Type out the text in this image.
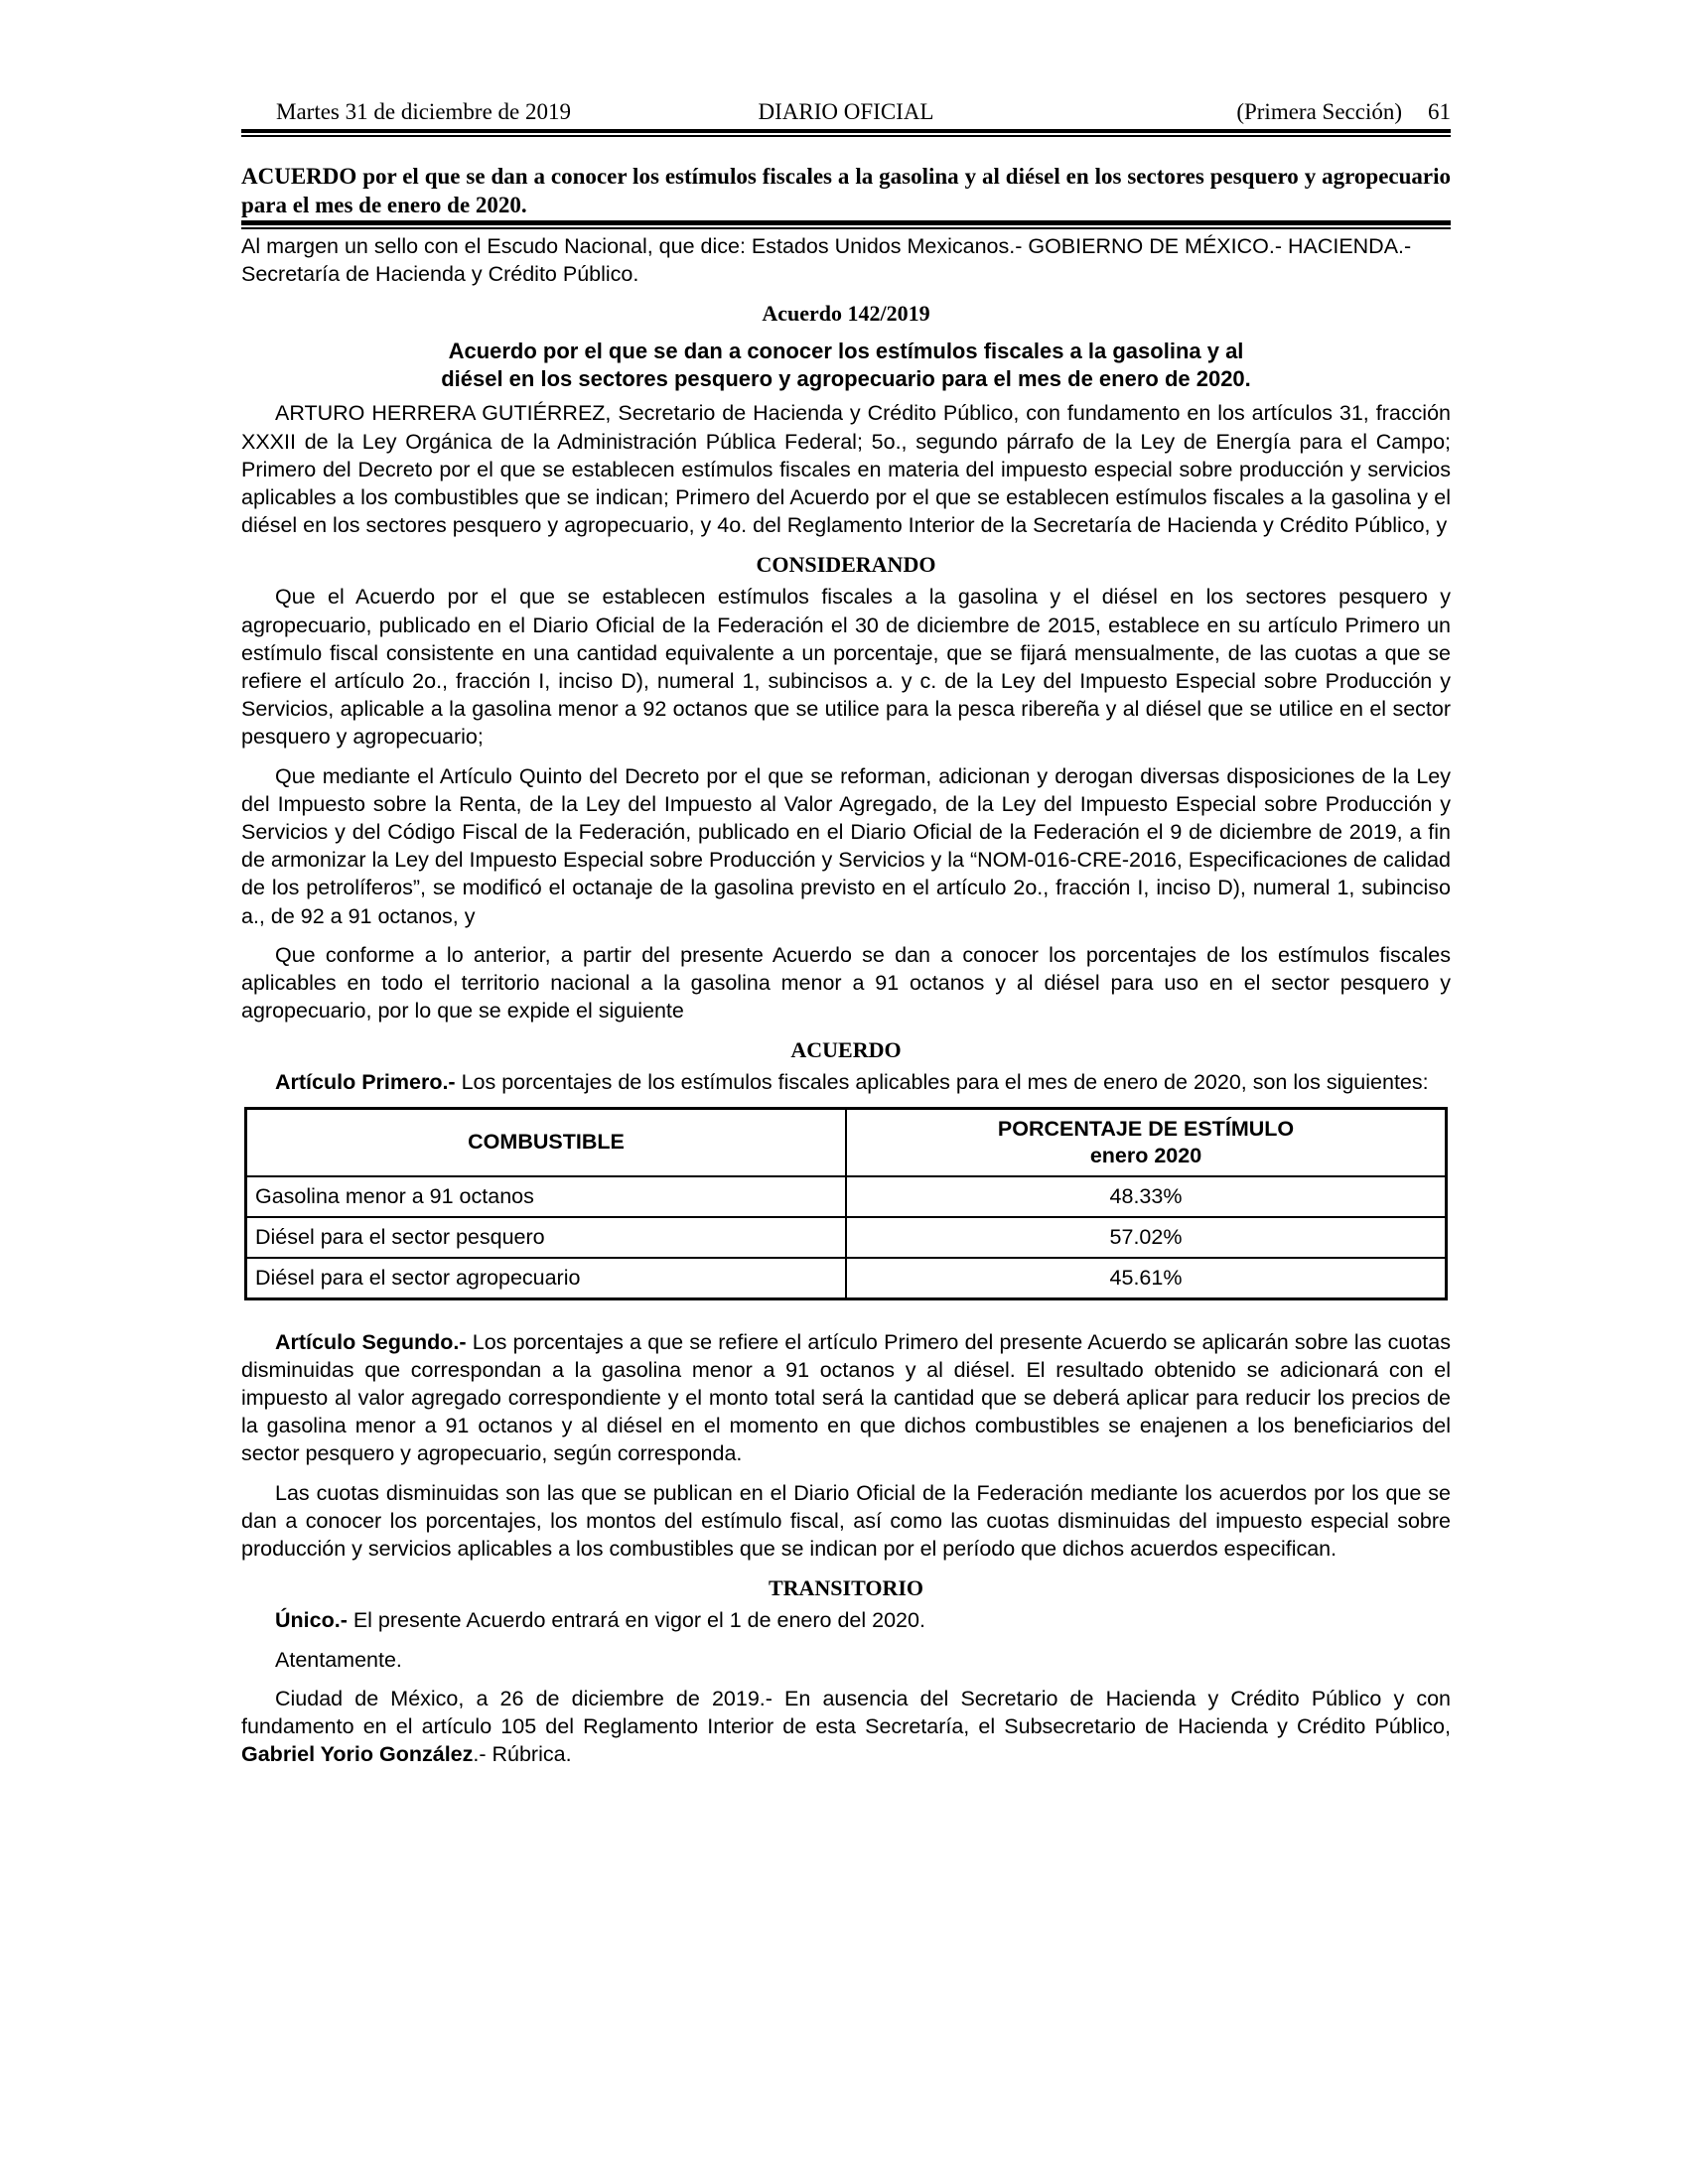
Martes 31 de diciembre de 2019	DIARIO OFICIAL	(Primera Sección) 61
ACUERDO por el que se dan a conocer los estímulos fiscales a la gasolina y al diésel en los sectores pesquero y agropecuario para el mes de enero de 2020.

Al margen un sello con el Escudo Nacional, que dice: Estados Unidos Mexicanos.- GOBIERNO DE MÉXICO.- HACIENDA.- Secretaría de Hacienda y Crédito Público.

Acuerdo 142/2019
Acuerdo por el que se dan a conocer los estímulos fiscales a la gasolina y al diésel en los sectores pesquero y agropecuario para el mes de enero de 2020.

ARTURO HERRERA GUTIÉRREZ, Secretario de Hacienda y Crédito Público, con fundamento en los artículos 31, fracción XXXII de la Ley Orgánica de la Administración Pública Federal; 5o., segundo párrafo de la Ley de Energía para el Campo; Primero del Decreto por el que se establecen estímulos fiscales en materia del impuesto especial sobre producción y servicios aplicables a los combustibles que se indican; Primero del Acuerdo por el que se establecen estímulos fiscales a la gasolina y el diésel en los sectores pesquero y agropecuario, y 4o. del Reglamento Interior de la Secretaría de Hacienda y Crédito Público, y

CONSIDERANDO

Que el Acuerdo por el que se establecen estímulos fiscales a la gasolina y el diésel en los sectores pesquero y agropecuario, publicado en el Diario Oficial de la Federación el 30 de diciembre de 2015, establece en su artículo Primero un estímulo fiscal consistente en una cantidad equivalente a un porcentaje, que se fijará mensualmente, de las cuotas a que se refiere el artículo 2o., fracción I, inciso D), numeral 1, subincisos a. y c. de la Ley del Impuesto Especial sobre Producción y Servicios, aplicable a la gasolina menor a 92 octanos que se utilice para la pesca ribereña y al diésel que se utilice en el sector pesquero y agropecuario;

Que mediante el Artículo Quinto del Decreto por el que se reforman, adicionan y derogan diversas disposiciones de la Ley del Impuesto sobre la Renta, de la Ley del Impuesto al Valor Agregado, de la Ley del Impuesto Especial sobre Producción y Servicios y del Código Fiscal de la Federación, publicado en el Diario Oficial de la Federación el 9 de diciembre de 2019, a fin de armonizar la Ley del Impuesto Especial sobre Producción y Servicios y la “NOM-016-CRE-2016, Especificaciones de calidad de los petrolíferos”, se modificó el octanaje de la gasolina previsto en el artículo 2o., fracción I, inciso D), numeral 1, subinciso a., de 92 a 91 octanos, y

Que conforme a lo anterior, a partir del presente Acuerdo se dan a conocer los porcentajes de los estímulos fiscales aplicables en todo el territorio nacional a la gasolina menor a 91 octanos y al diésel para uso en el sector pesquero y agropecuario, por lo que se expide el siguiente

ACUERDO

Artículo Primero.- Los porcentajes de los estímulos fiscales aplicables para el mes de enero de 2020, son los siguientes:

COMBUSTIBLE	PORCENTAJE DE ESTÍMULO
enero 2020

Gasolina menor a 91 octanos	48.33%
Diésel para el sector pesquero	57.02%
Diésel para el sector agropecuario	45.61%

Artículo Segundo.- Los porcentajes a que se refiere el artículo Primero del presente Acuerdo se aplicarán sobre las cuotas disminuidas que correspondan a la gasolina menor a 91 octanos y al diésel. El resultado obtenido se adicionará con el impuesto al valor agregado correspondiente y el monto total será la cantidad que se deberá aplicar para reducir los precios de la gasolina menor a 91 octanos y al diésel en el momento en que dichos combustibles se enajenen a los beneficiarios del sector pesquero y agropecuario, según corresponda.

Las cuotas disminuidas son las que se publican en el Diario Oficial de la Federación mediante los acuerdos por los que se dan a conocer los porcentajes, los montos del estímulo fiscal, así como las cuotas disminuidas del impuesto especial sobre producción y servicios aplicables a los combustibles que se indican por el período que dichos acuerdos especifican.

TRANSITORIO

Único.- El presente Acuerdo entrará en vigor el 1 de enero del 2020.

Atentamente.

Ciudad de México, a 26 de diciembre de 2019.- En ausencia del Secretario de Hacienda y Crédito Público y con fundamento en el artículo 105 del Reglamento Interior de esta Secretaría, el Subsecretario de Hacienda y Crédito Público, Gabriel Yorio González.- Rúbrica.
